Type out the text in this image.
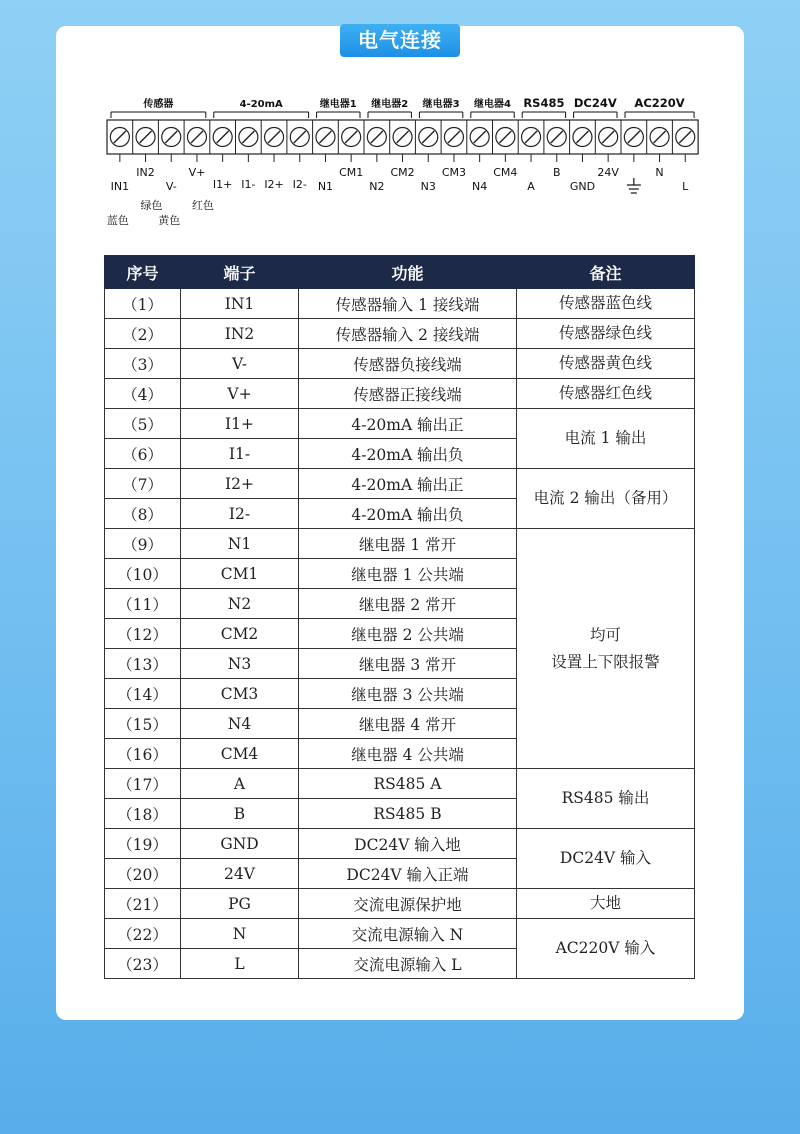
电气连接
传感器	4-20mA	继电器1 继电器2 继电器3 继电器4 RS485 DC24V AC220V
IN1
蓝色
IN2
绿色
V-
黄色
V+
红色
I1+ I1- I2+ I2- N1
CM1
N2
CM2
N3
CM3
N4
CM4
A
B
GND
24V	N
L
序号	端子	功能	备注
（1）	IN1	传感器输入 1 接线端	传感器蓝色线
（2）	IN2	传感器输入 2 接线端	传感器绿色线
（3）	V-	传感器负接线端	传感器黄色线
（4）	V+	传感器正接线端	传感器红色线
（5）	I1+	4-20mA 输出正	电流 1 输出
（6）	I1-	4-20mA 输出负	
（7）	I2+	4-20mA 输出正	电流 2 输出（备用）
（8）	I2-	4-20mA 输出负	
（9）	N1	继电器 1 常开	均可
设置上下限报警
（10）	CM1	继电器 1 公共端	
（11）	N2	继电器 2 常开	
（12）	CM2	继电器 2 公共端	
（13）	N3	继电器 3 常开	
（14）	CM3	继电器 3 公共端	
（15）	N4	继电器 4 常开	
（16）	CM4	继电器 4 公共端	
（17）	A	RS485 A	RS485 输出
（18）	B	RS485 B	
（19）	GND	DC24V 输入地	DC24V 输入
（20）	24V	DC24V 输入正端	
（21）	PG	交流电源保护地	大地
（22）	N	交流电源输入 N	AC220V 输入
（23）	L	交流电源输入 L	
